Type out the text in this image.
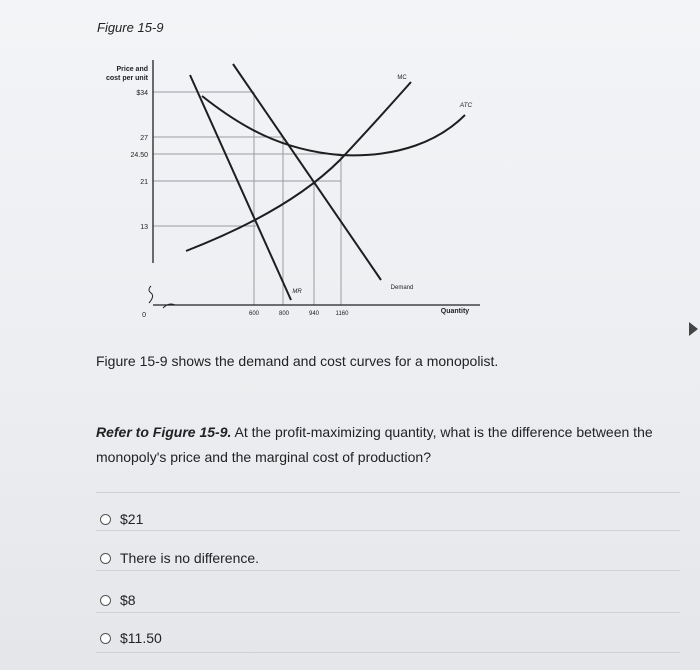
Figure 15-9
Price and
cost per unit
$34
27
24.50
21
13
0	600	800	940	1160	Quantity
Demand
MR
MC
ATC
Figure 15-9 shows the demand and cost curves for a monopolist.
Refer to Figure 15-9. At the profit-maximizing quantity, what is the difference between the monopoly's price and the marginal cost of production?
$21
There is no difference.
$8
$11.50
